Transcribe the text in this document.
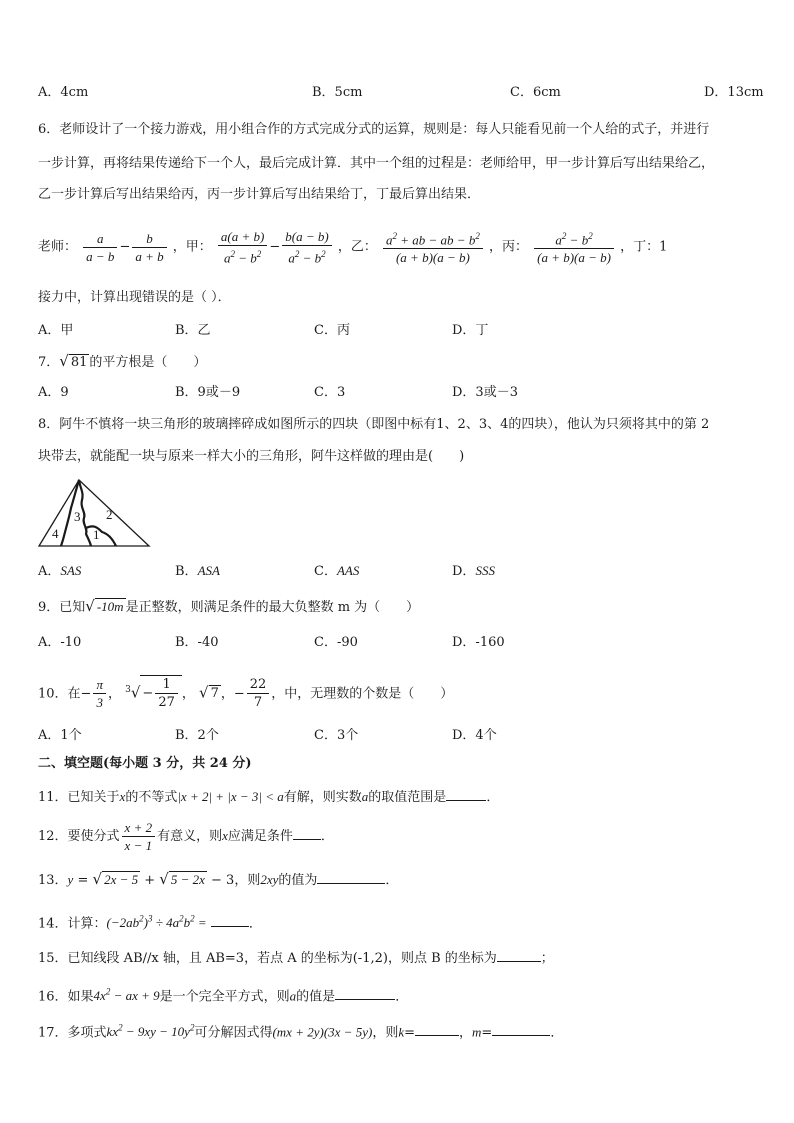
A．4cm	B．5cm	C．6cm	D．13cm
6．老师设计了一个接力游戏，用小组合作的方式完成分式的运算，规则是：每人只能看见前一个人给的式子，并进行
一步计算，再将结果传递给下一个人，最后完成计算．其中一个组的过程是：老师给甲，甲一步计算后写出结果给乙，
乙一步计算后写出结果给丙，丙一步计算后写出结果给丁，丁最后算出结果．
老师： $\frac{a}{a - b} - \frac{b}{a + b}$ ，甲： $\frac{a(a + b)}{a^2 - b^2} - \frac{b(a - b)}{a^2 - b^2}$ ，乙： $\frac{a^2 + ab - ab - b^2}{(a + b)(a - b)}$ ，丙： $\frac{a^2 - b^2}{(a + b)(a - b)}$ ，丁：1
接力中，计算出现错误的是（ ）．
A．甲	B．乙	C．丙	D．丁
7．√ 81 的平方根是（　　）
A．9	B．9或－9	C．3	D．3或－3
8．阿牛不慎将一块三角形的玻璃摔碎成如图所示的四块（即图中标有1、2、3、4的四块），他认为只须将其中的第 2
块带去，就能配一块与原来一样大小的三角形，阿牛这样做的理由是(　　)
2
3
4	1
A．SAS	B．ASA	C．AAS	D．SSS
9．已知√ -10m 是正整数，则满足条件的最大负整数 m 为（　　）
A．-10	B．-40	C．-90	D．-160
10．在− $\frac{\pi}{3}$ ， $^3√ - \frac{1}{27}$ ， √ 7 ，− $\frac{22}{7}$ ，中，无理数的个数是（　　）
A．1个	B．2个	C．3个	D．4个
二、填空题(每小题 3 分，共 24 分)
11．已知关于x的不等式|x + 2| + |x − 3| < a有解，则实数a的取值范围是	．
12．要使分式 $\frac{x + 2}{x - 1}$ 有意义，则x应满足条件 ．
13．y = √ 2x − 5 + √ 5 − 2x − 3，则2xy的值为	．
14．计算：$(-2ab^2)^3 \div 4a^2b^2$ =	．
15．已知线段 AB//x 轴，且 AB=3，若点 A 的坐标为(-1,2)，则点 B 的坐标为	；
16．如果$4x^2$ − ax + 9是一个完全平方式，则a的值是	．
17．多项式$kx^2 - 9xy - 10y^2$可分解因式得(mx + 2y)(3x − 5y)，则k=	，m=	．
